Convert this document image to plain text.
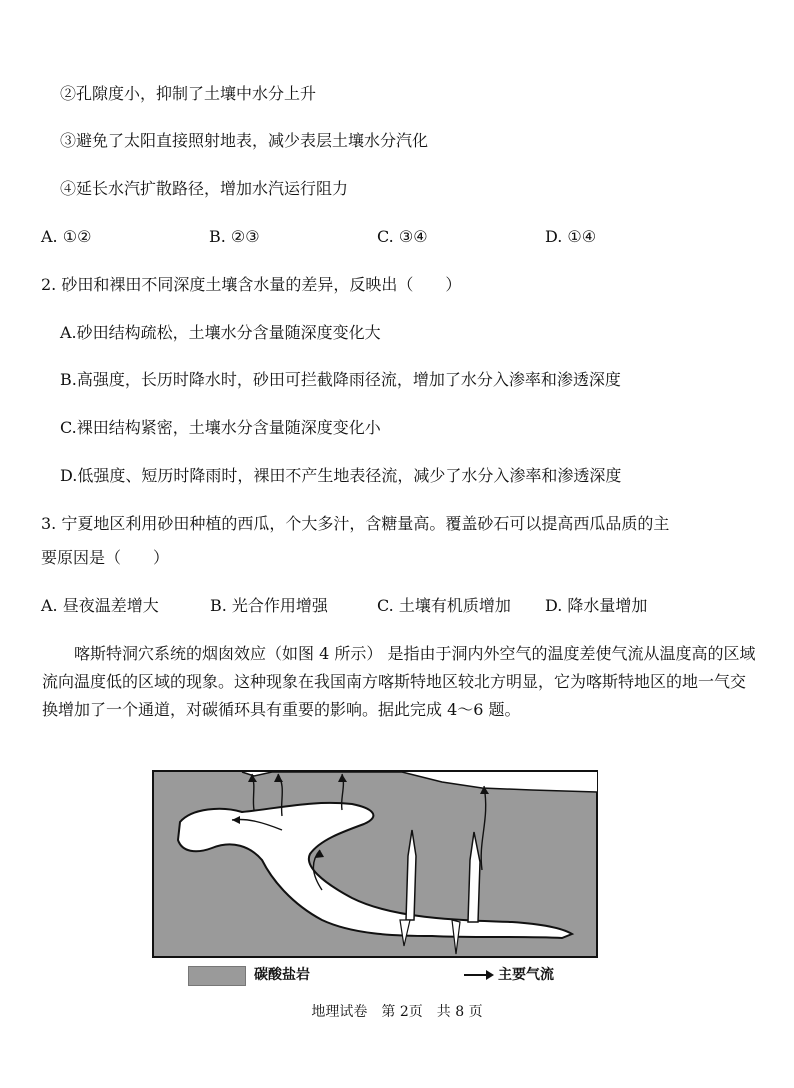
②孔隙度小，抑制了土壤中水分上升
③避免了太阳直接照射地表，减少表层土壤水分汽化
④延长水汽扩散路径，增加水汽运行阻力
A. ①②	B. ②③	C. ③④	D. ①④
2. 砂田和裸田不同深度土壤含水量的差异，反映出（　　）
A.砂田结构疏松，土壤水分含量随深度变化大
B.高强度，长历时降水时，砂田可拦截降雨径流，增加了水分入渗率和渗透深度
C.裸田结构紧密，土壤水分含量随深度变化小
D.低强度、短历时降雨时，裸田不产生地表径流，减少了水分入渗率和渗透深度
3. 宁夏地区利用砂田种植的西瓜，个大多汁，含糖量高。覆盖砂石可以提高西瓜品质的主
要原因是（　　）
A. 昼夜温差增大	B. 光合作用增强	C. 土壤有机质增加 D. 降水量增加
喀斯特洞穴系统的烟囱效应（如图 4 所示） 是指由于洞内外空气的温度差使气流从温度高的区域流向温度低的区域的现象。这种现象在我国南方喀斯特地区较北方明显，它为喀斯特地区的地一气交换增加了一个通道，对碳循环具有重要的影响。据此完成 4～6 题。
碳酸盐岩	主要气流
地理试卷　第 2页　共 8 页
